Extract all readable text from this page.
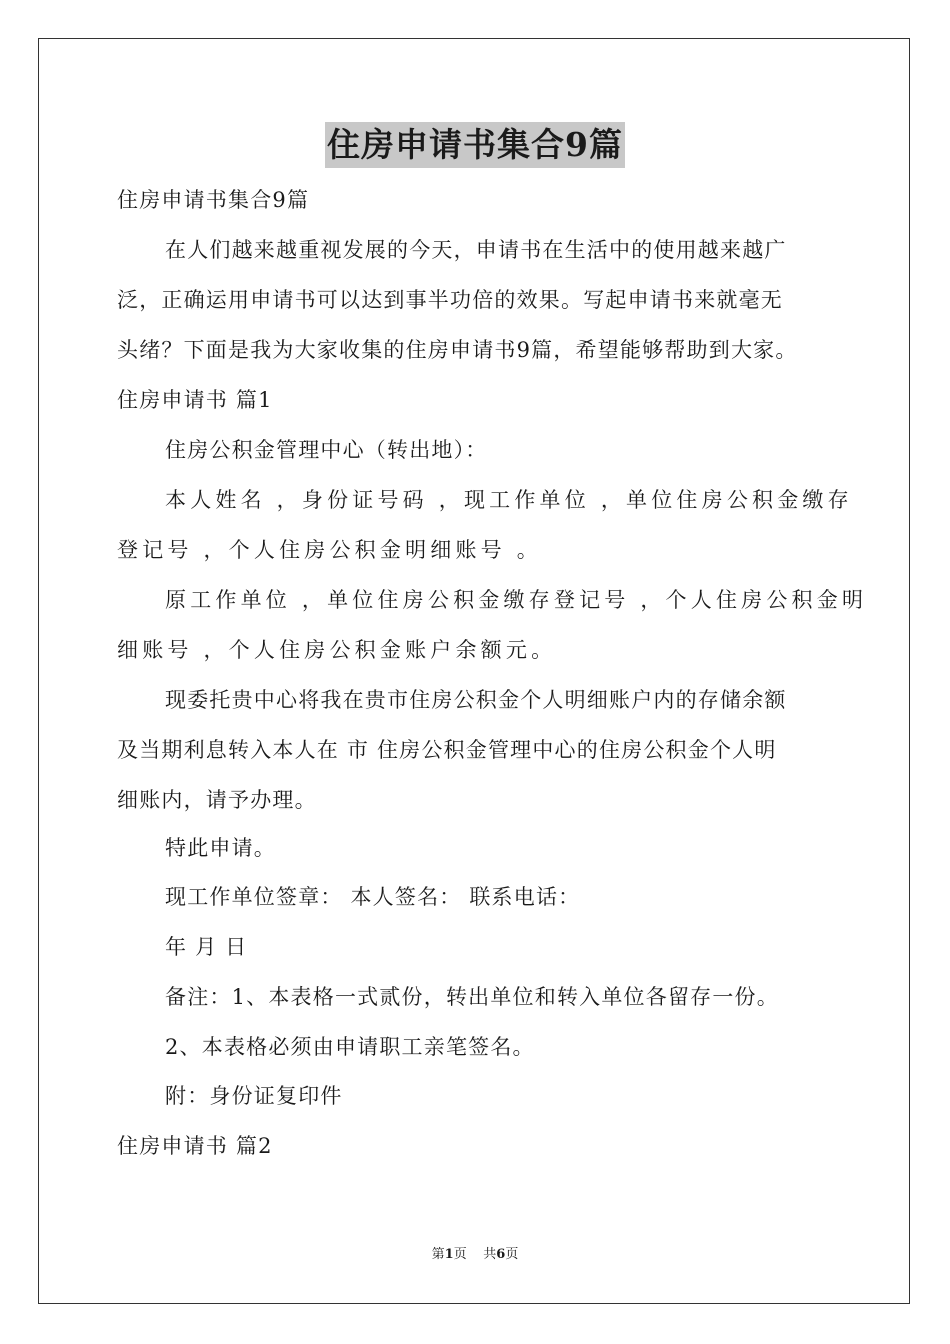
住房申请书集合9篇
住房申请书集合9篇
在人们越来越重视发展的今天，申请书在生活中的使用越来越广
泛，正确运用申请书可以达到事半功倍的效果。写起申请书来就毫无
头绪？下面是我为大家收集的住房申请书9篇，希望能够帮助到大家。
住房申请书 篇1
住房公积金管理中心（转出地）：
本人姓名 ，身份证号码 ，现工作单位 ，单位住房公积金缴存
登记号 ，个人住房公积金明细账号 。
原工作单位 ，单位住房公积金缴存登记号 ，个人住房公积金明
细账号 ，个人住房公积金账户余额元。
现委托贵中心将我在贵市住房公积金个人明细账户内的存储余额
及当期利息转入本人在 市 住房公积金管理中心的住房公积金个人明
细账内，请予办理。
特此申请。
现工作单位签章： 本人签名： 联系电话：
年 月 日
备注：1、本表格一式贰份，转出单位和转入单位各留存一份。
2、本表格必须由申请职工亲笔签名。
附：身份证复印件
住房申请书 篇2
第1页 共6页
